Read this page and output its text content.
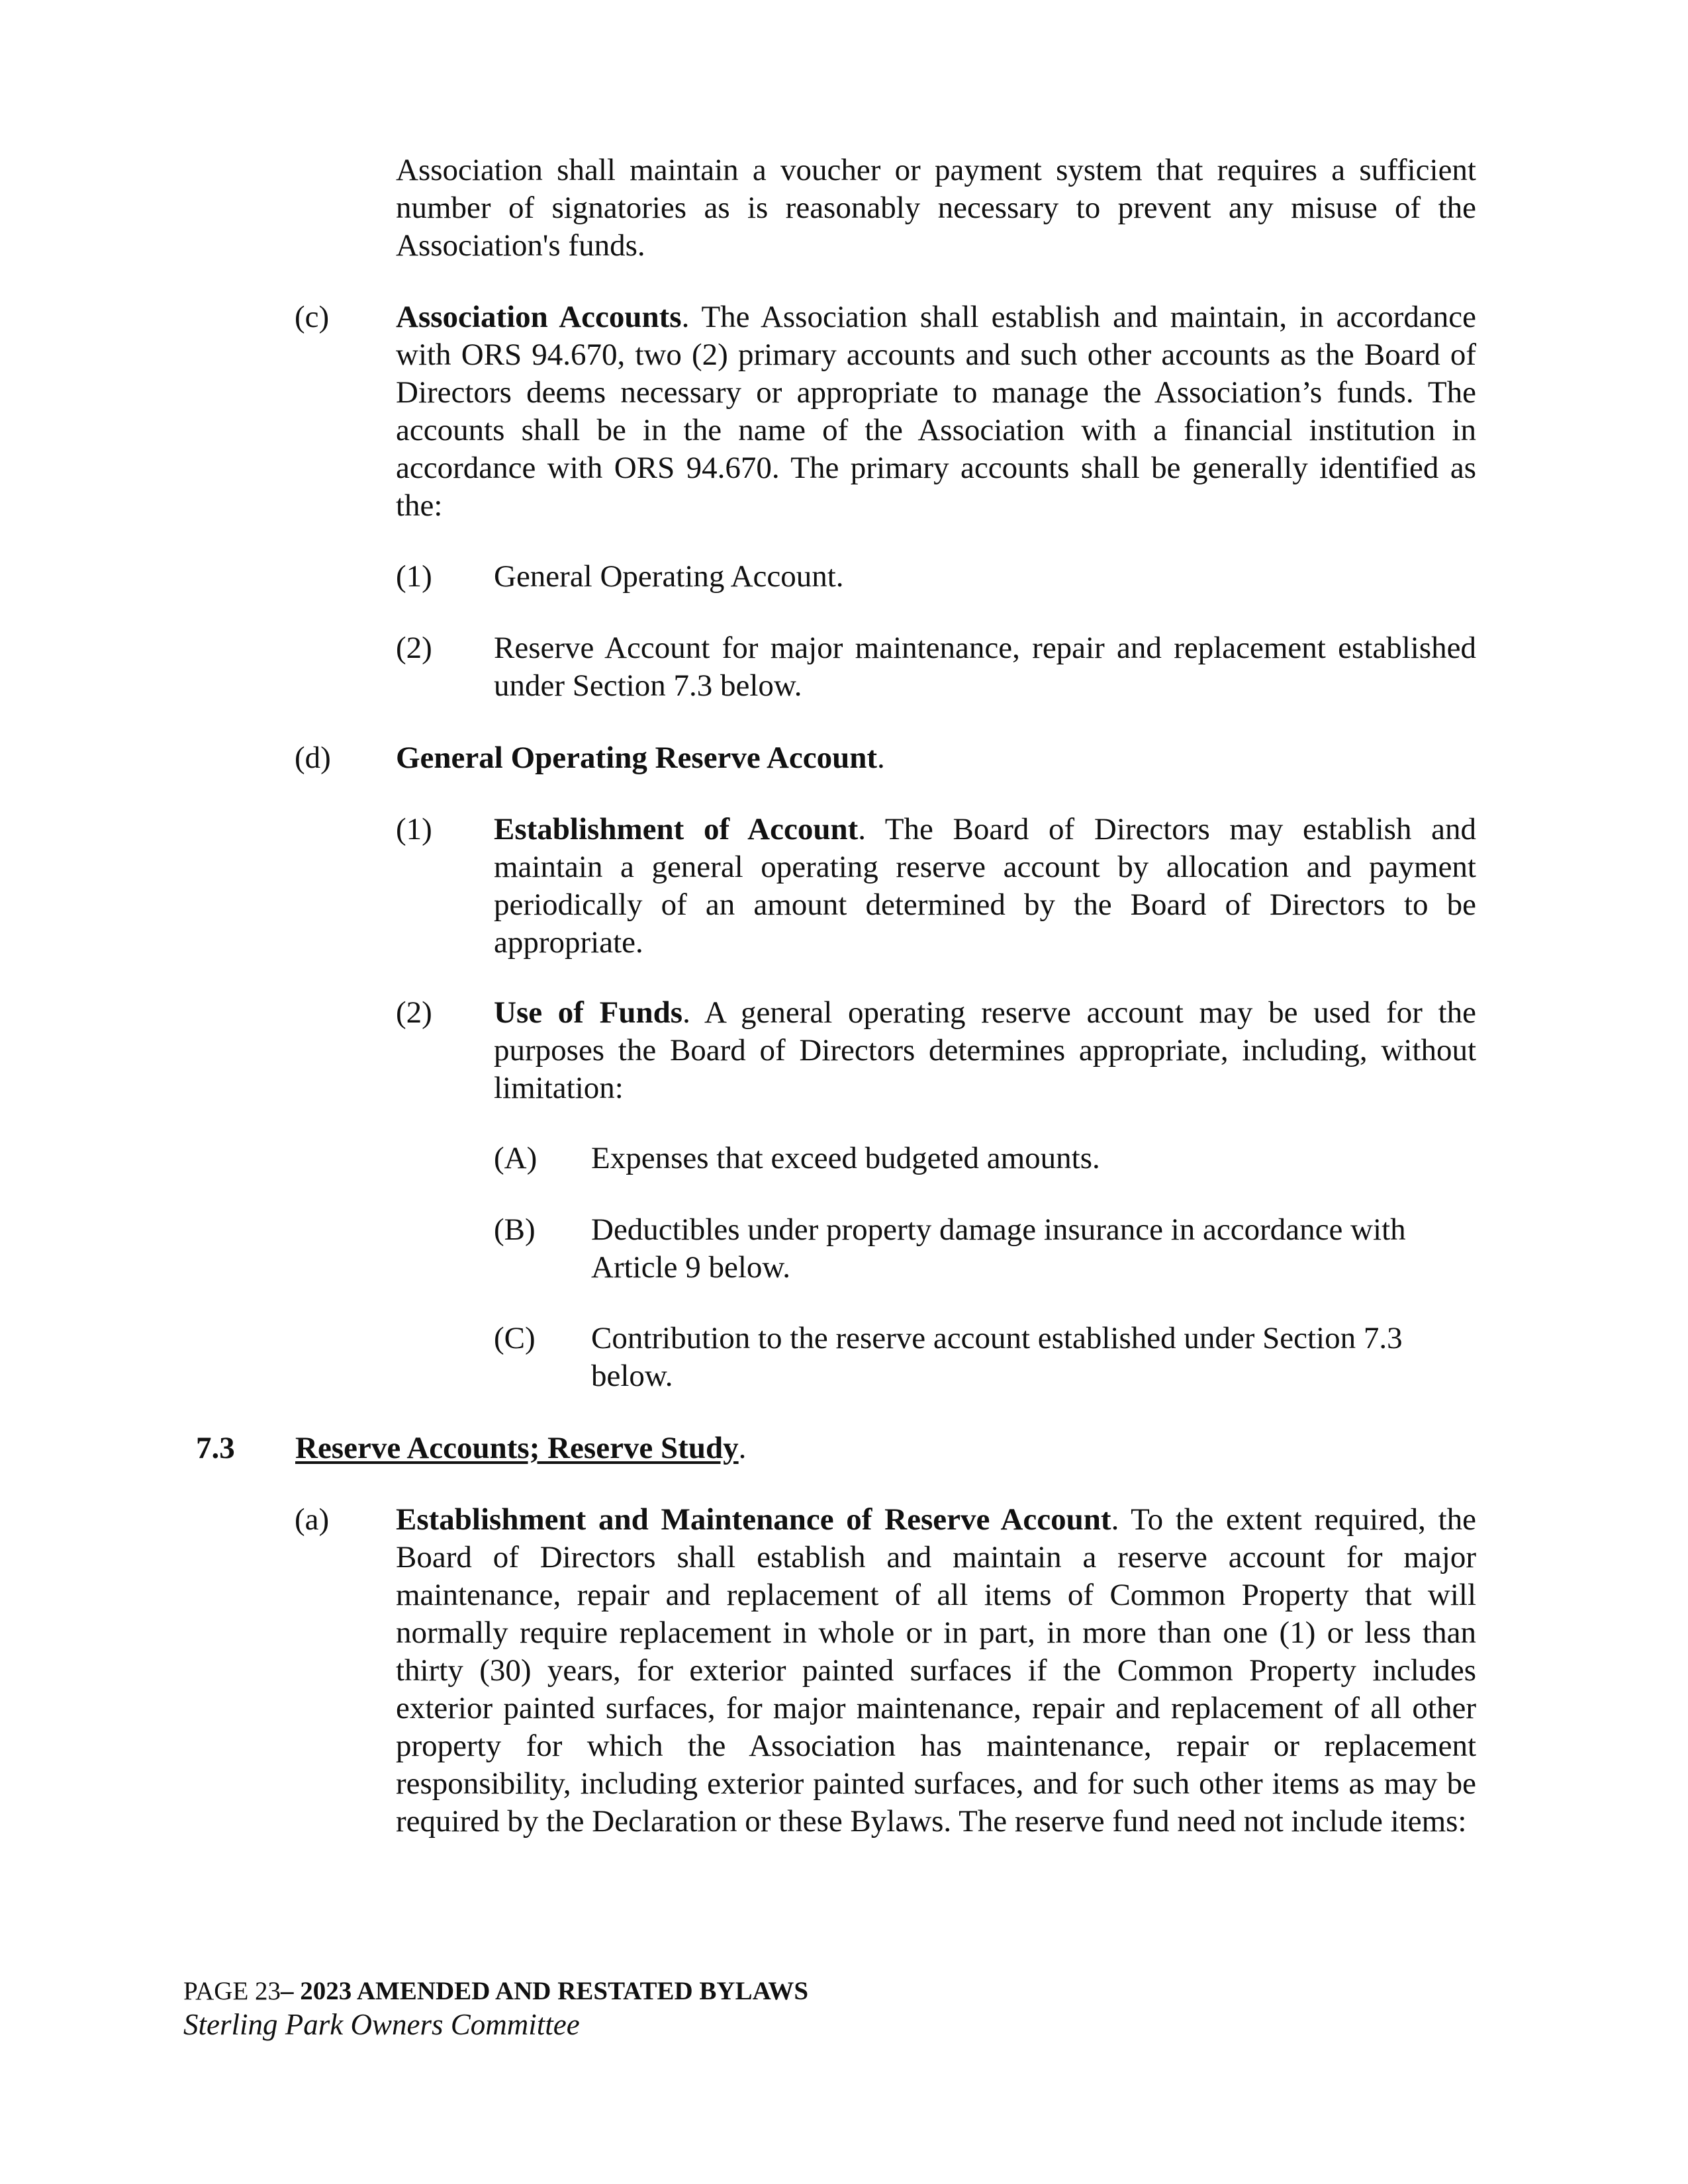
Association shall maintain a voucher or payment system that requires a sufficient number of signatories as is reasonably necessary to prevent any misuse of the Association's funds.

(c) Association Accounts. The Association shall establish and maintain, in accordance with ORS 94.670, two (2) primary accounts and such other accounts as the Board of Directors deems necessary or appropriate to manage the Association’s funds. The accounts shall be in the name of the Association with a financial institution in accordance with ORS 94.670. The primary accounts shall be generally identified as the:

(1) General Operating Account.

(2) Reserve Account for major maintenance, repair and replacement established under Section 7.3 below.

(d) General Operating Reserve Account.

(1) Establishment of Account. The Board of Directors may establish and maintain a general operating reserve account by allocation and payment periodically of an amount determined by the Board of Directors to be appropriate.

(2) Use of Funds. A general operating reserve account may be used for the purposes the Board of Directors determines appropriate, including, without limitation:

(A) Expenses that exceed budgeted amounts.

(B) Deductibles under property damage insurance in accordance with Article 9 below.

(C) Contribution to the reserve account established under Section 7.3 below.

7.3 Reserve Accounts; Reserve Study.

(a) Establishment and Maintenance of Reserve Account. To the extent required, the Board of Directors shall establish and maintain a reserve account for major maintenance, repair and replacement of all items of Common Property that will normally require replacement in whole or in part, in more than one (1) or less than thirty (30) years, for exterior painted surfaces if the Common Property includes exterior painted surfaces, for major maintenance, repair and replacement of all other property for which the Association has maintenance, repair or replacement responsibility, including exterior painted surfaces, and for such other items as may be required by the Declaration or these Bylaws. The reserve fund need not include items:

PAGE 23– 2023 AMENDED AND RESTATED BYLAWS
Sterling Park Owners Committee
